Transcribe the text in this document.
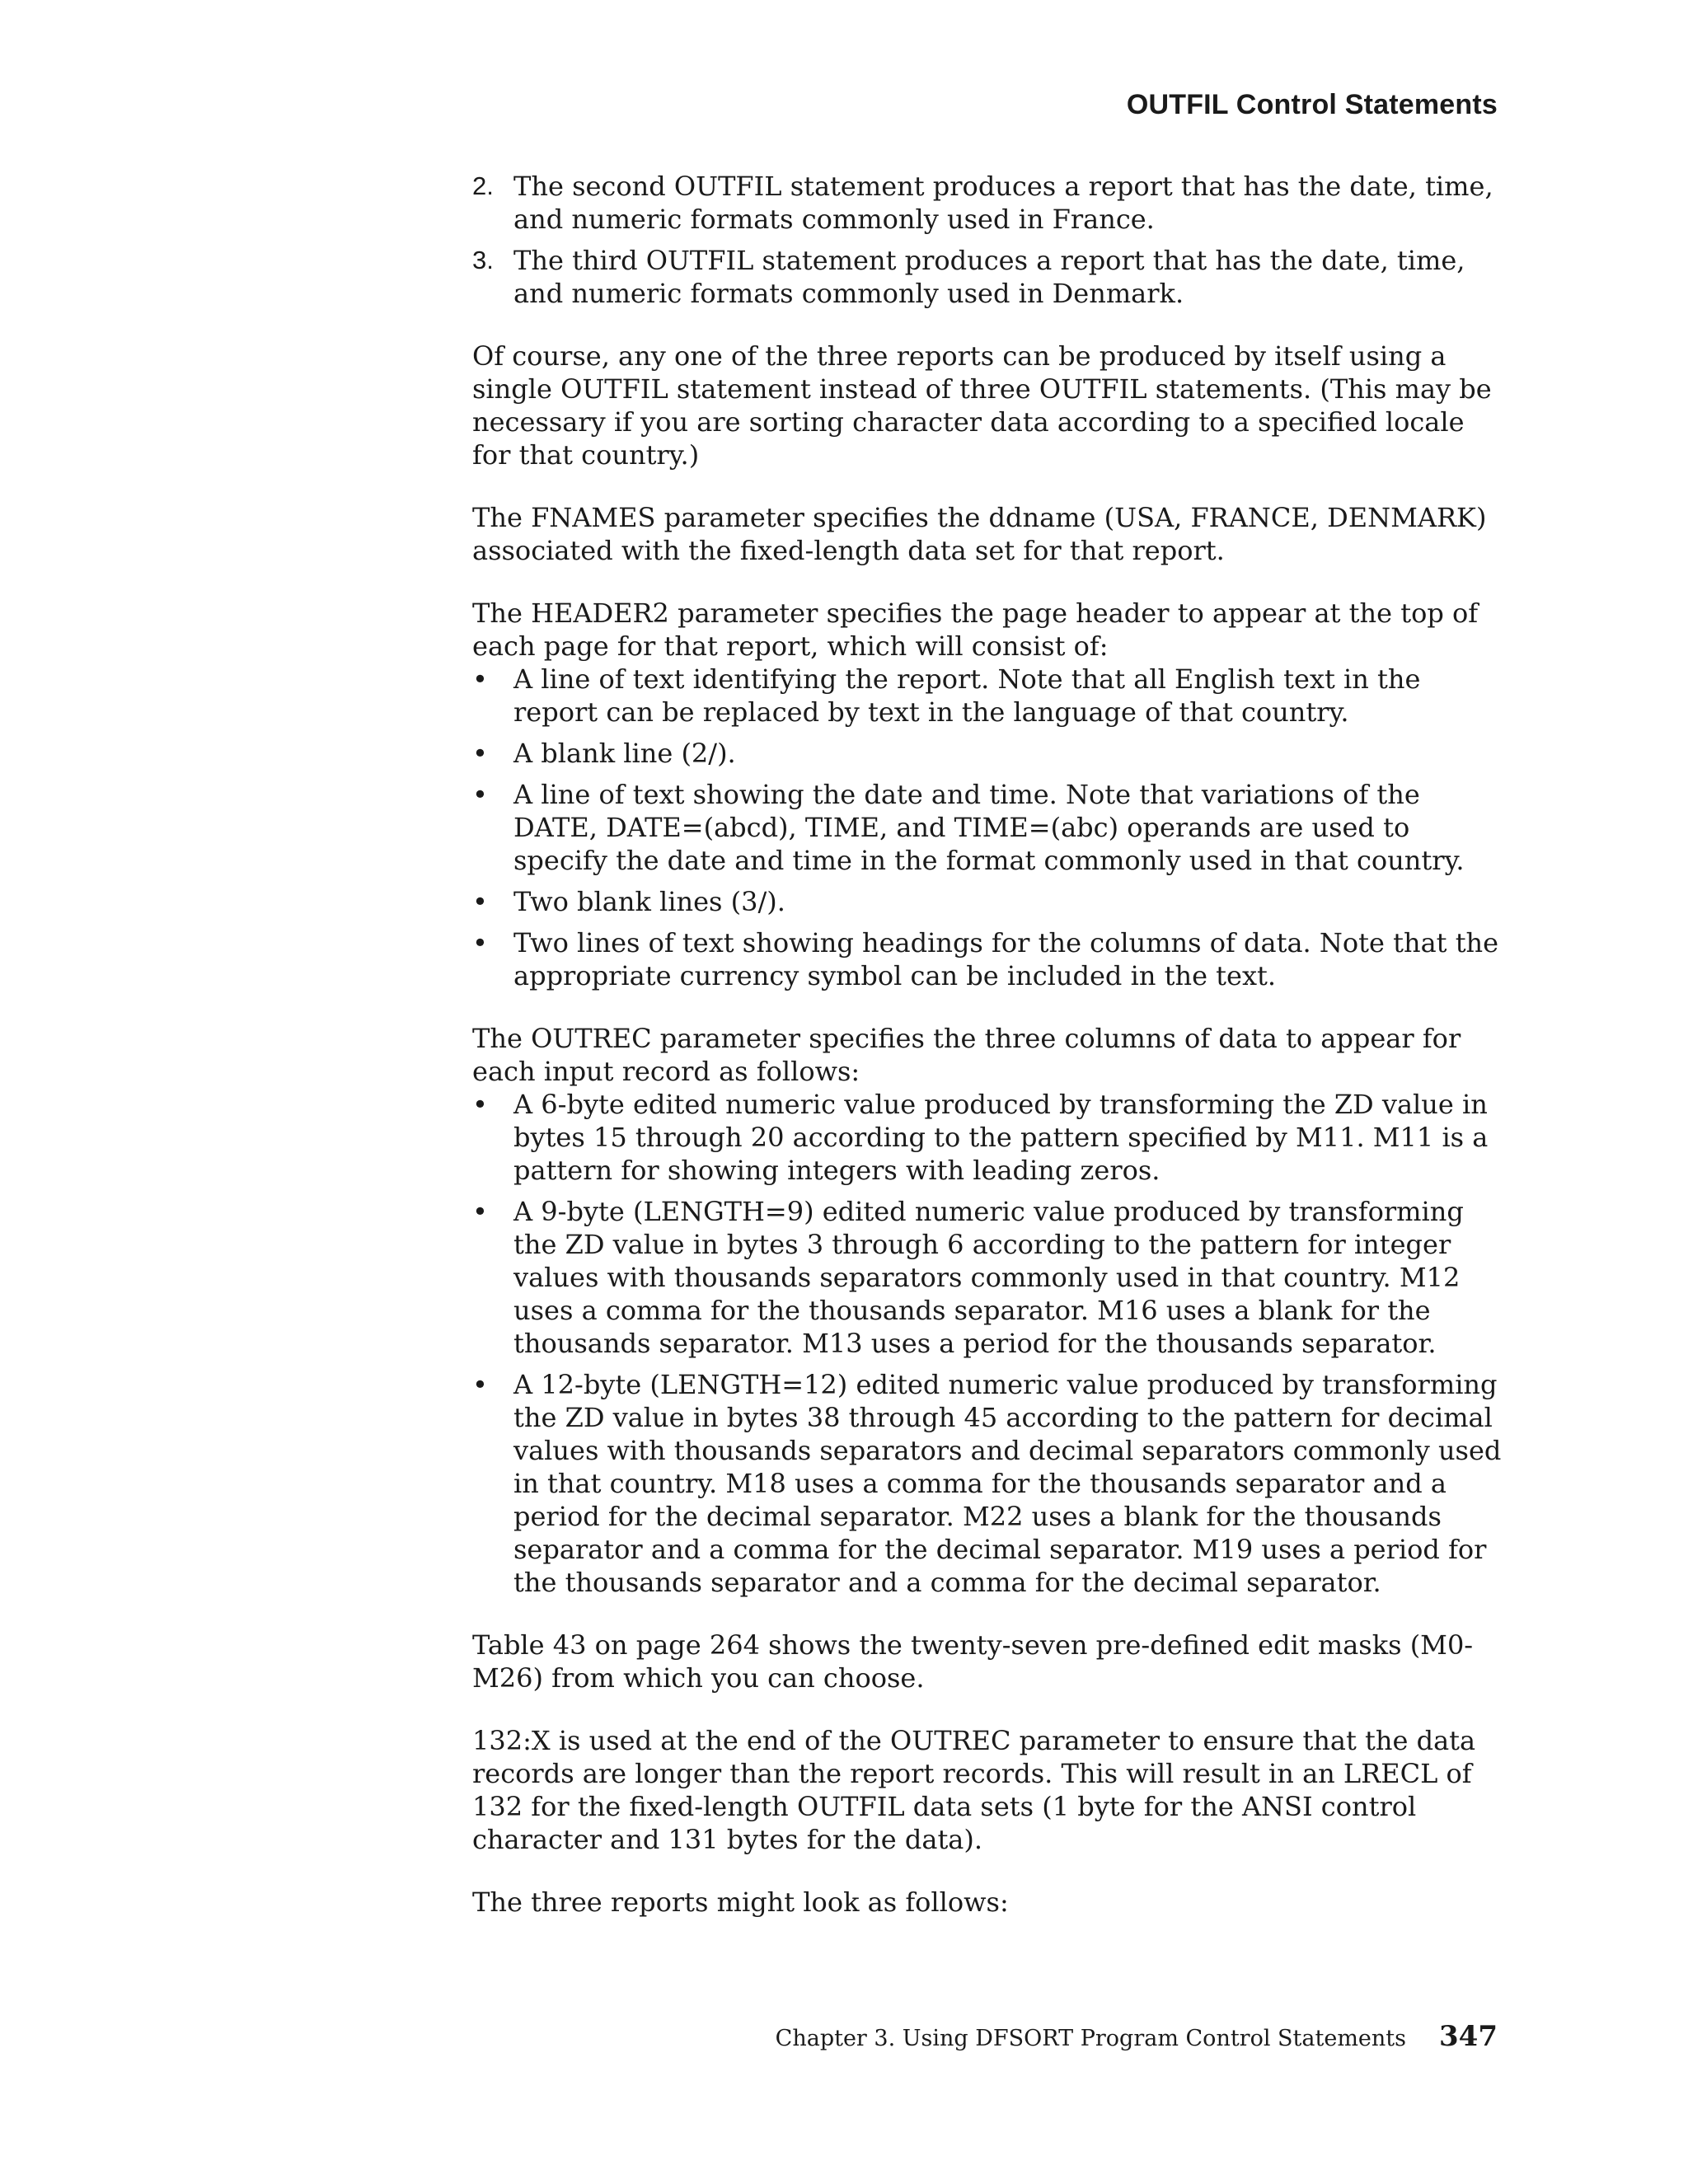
OUTFIL Control Statements
2. The second OUTFIL statement produces a report that has the date, time, and numeric formats commonly used in France.
3. The third OUTFIL statement produces a report that has the date, time, and numeric formats commonly used in Denmark.

Of course, any one of the three reports can be produced by itself using a single OUTFIL statement instead of three OUTFIL statements. (This may be necessary if you are sorting character data according to a specified locale for that country.)

The FNAMES parameter specifies the ddname (USA, FRANCE, DENMARK) associated with the fixed-length data set for that report.

The HEADER2 parameter specifies the page header to appear at the top of each page for that report, which will consist of:

• A line of text identifying the report. Note that all English text in the report can be replaced by text in the language of that country.
• A blank line (2/).
• A line of text showing the date and time. Note that variations of the DATE, DATE=(abcd), TIME, and TIME=(abc) operands are used to specify the date and time in the format commonly used in that country.
• Two blank lines (3/).
• Two lines of text showing headings for the columns of data. Note that the appropriate currency symbol can be included in the text.

The OUTREC parameter specifies the three columns of data to appear for each input record as follows:

• A 6-byte edited numeric value produced by transforming the ZD value in bytes 15 through 20 according to the pattern specified by M11. M11 is a pattern for showing integers with leading zeros.
• A 9-byte (LENGTH=9) edited numeric value produced by transforming the ZD value in bytes 3 through 6 according to the pattern for integer values with thousands separators commonly used in that country. M12 uses a comma for the thousands separator. M16 uses a blank for the thousands separator. M13 uses a period for the thousands separator.
• A 12-byte (LENGTH=12) edited numeric value produced by transforming the ZD value in bytes 38 through 45 according to the pattern for decimal values with thousands separators and decimal separators commonly used in that country. M18 uses a comma for the thousands separator and a period for the decimal separator. M22 uses a blank for the thousands separator and a comma for the decimal separator. M19 uses a period for the thousands separator and a comma for the decimal separator.

Table 43 on page 264 shows the twenty-seven pre-defined edit masks (M0-M26) from which you can choose.

132:X is used at the end of the OUTREC parameter to ensure that the data records are longer than the report records. This will result in an LRECL of 132 for the fixed-length OUTFIL data sets (1 byte for the ANSI control character and 131 bytes for the data).

The three reports might look as follows:

Chapter 3. Using DFSORT Program Control Statements 347
